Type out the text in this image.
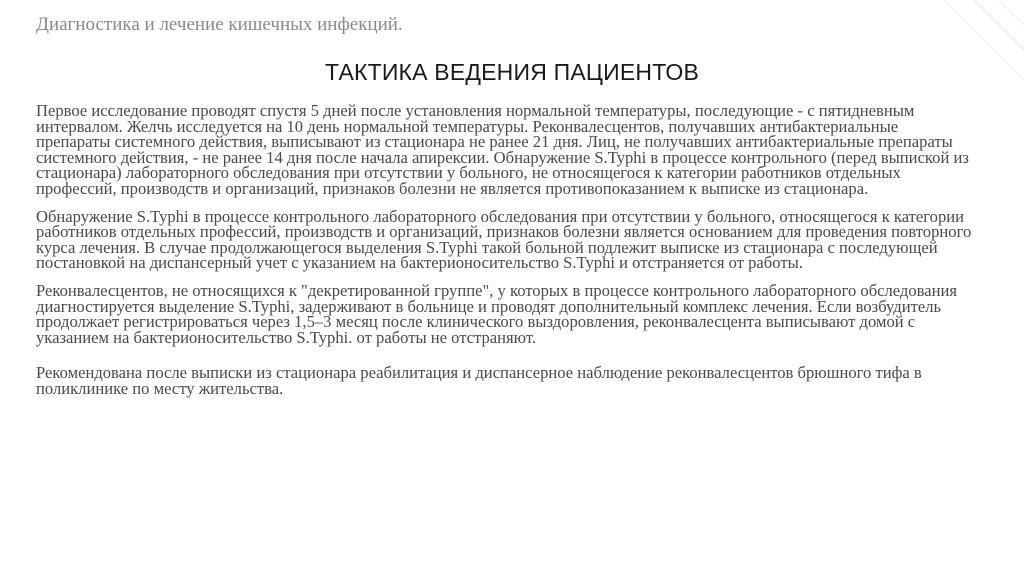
Диагностика и лечение кишечных инфекций.
ТАКТИКА ВЕДЕНИЯ ПАЦИЕНТОВ

Первое исследование проводят спустя 5 дней после установления нормальной температуры, последующие - с пятидневным интервалом. Желчь исследуется на 10 день нормальной температуры. Реконвалесцентов, получавших антибактериальные препараты системного действия, выписывают из стационара не ранее 21 дня. Лиц, не получавших антибактериальные препараты системного действия, - не ранее 14 дня после начала апирексии. Обнаружение S.Typhi в процессе контрольного (перед выпиской из стационара) лабораторного обследования при отсутствии у больного, не относящегося к категории работников отдельных профессий, производств и организаций, признаков болезни не является противопоказанием к выписке из стационара.

Обнаружение S.Typhi в процессе контрольного лабораторного обследования при отсутствии у больного, относящегося к категории работников отдельных профессий, производств и организаций, признаков болезни является основанием для проведения повторного курса лечения. В случае продолжающегося выделения S.Typhi такой больной подлежит выписке из стационара с последующей постановкой на диспансерный учет с указанием на бактерионосительство S.Typhi и отстраняется от работы.

Реконвалесцентов, не относящихся к "декретированной группе", у которых в процессе контрольного лабораторного обследования диагностируется выделение S.Typhi, задерживают в больнице и проводят дополнительный комплекс лечения. Если возбудитель продолжает регистрироваться через 1,5–3 месяц после клинического выздоровления, реконвалесцента выписывают домой с указанием на бактерионосительство S.Typhi. от работы не отстраняют.

Рекомендована после выписки из стационара реабилитация и диспансерное наблюдение реконвалесцентов брюшного тифа в поликлинике по месту жительства.
